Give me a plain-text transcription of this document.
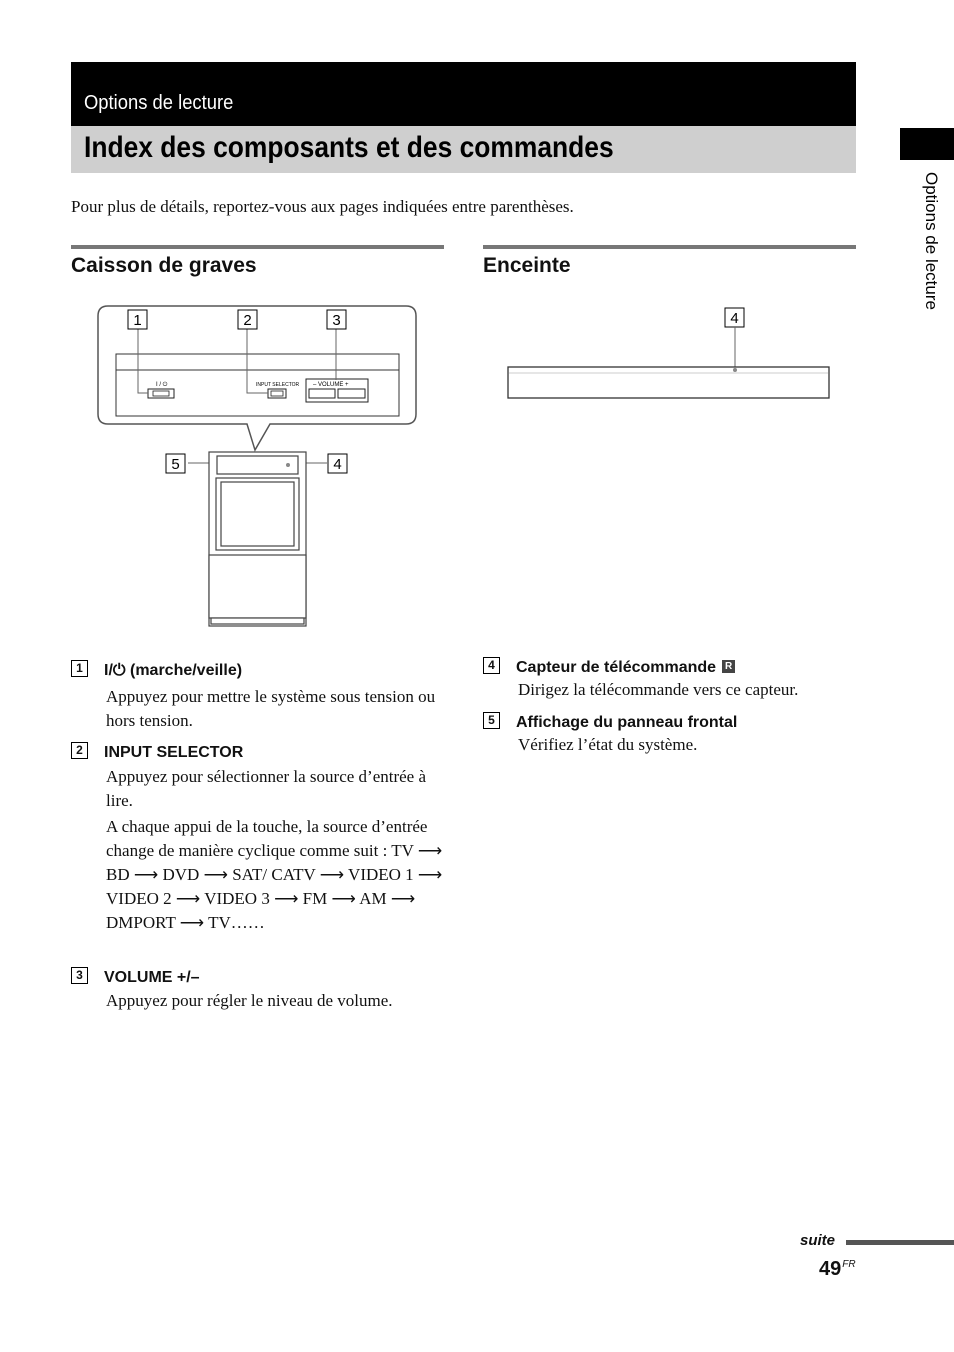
Options de lecture
Index des composants et des commandes
Options de lecture
Pour plus de détails, reportez-vous aux pages indiquées entre parenthèses.
Caisson de graves	Enceinte
I / ⏻	INPUT SELECTOR – VOLUME +
1	2	3
5	4
4
1 I/⏻ (marche/veille)

Appuyez pour mettre le système sous tension ou hors tension.

2 INPUT SELECTOR

Appuyez pour sélectionner la source d’entrée à lire.

A chaque appui de la touche, la source d’entrée change de manière cyclique comme suit : TV ⟶ BD ⟶ DVD ⟶ SAT/ CATV ⟶ VIDEO 1 ⟶ VIDEO 2 ⟶ VIDEO 3 ⟶ FM ⟶ AM ⟶ DMPORT ⟶ TV……

3 VOLUME +/–

Appuyez pour régler le niveau de volume.

4 Capteur de télécommande R

Dirigez la télécommande vers ce capteur.

5 Affichage du panneau frontal

Vérifiez l’état du système.

suite
$49^{FR}$
